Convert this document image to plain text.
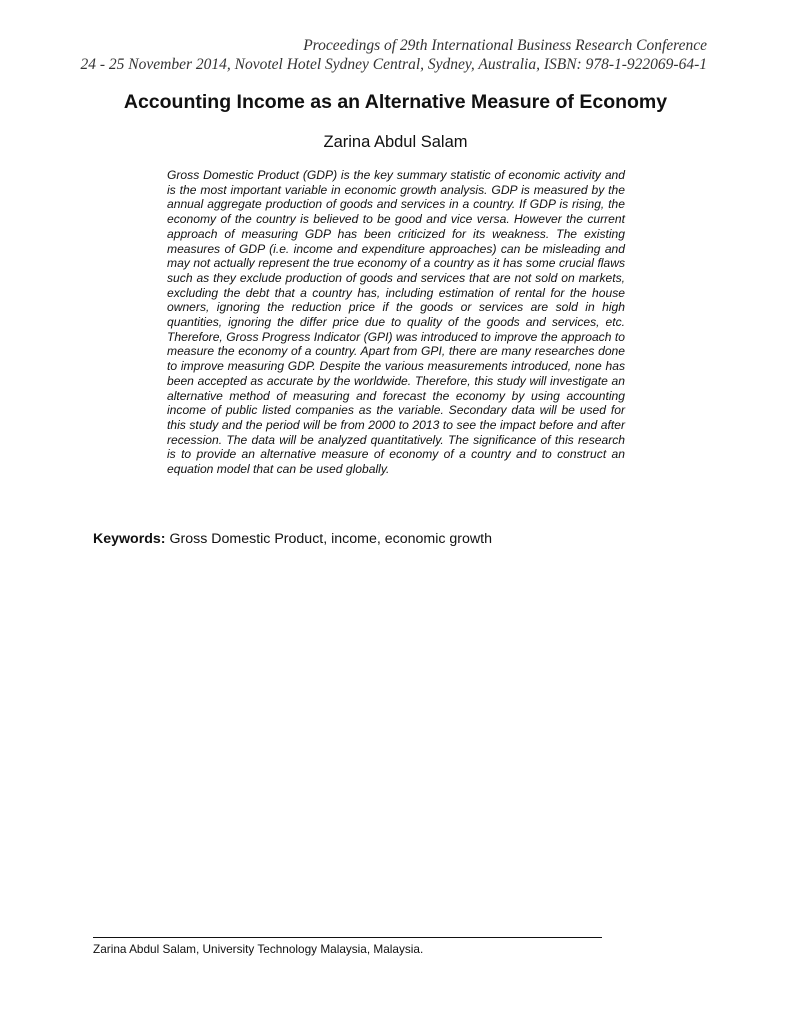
Proceedings of 29th International Business Research Conference
24 - 25 November 2014, Novotel Hotel Sydney Central, Sydney, Australia, ISBN: 978-1-922069-64-1
Accounting Income as an Alternative Measure of Economy
Zarina Abdul Salam
Gross Domestic Product (GDP) is the key summary statistic of economic activity and is the most important variable in economic growth analysis. GDP is measured by the annual aggregate production of goods and services in a country. If GDP is rising, the economy of the country is believed to be good and vice versa. However the current approach of measuring GDP has been criticized for its weakness. The existing measures of GDP (i.e. income and expenditure approaches) can be misleading and may not actually represent the true economy of a country as it has some crucial flaws such as they exclude production of goods and services that are not sold on markets, excluding the debt that a country has, including estimation of rental for the house owners, ignoring the reduction price if the goods or services are sold in high quantities, ignoring the differ price due to quality of the goods and services, etc. Therefore, Gross Progress Indicator (GPI) was introduced to improve the approach to measure the economy of a country. Apart from GPI, there are many researches done to improve measuring GDP. Despite the various measurements introduced, none has been accepted as accurate by the worldwide. Therefore, this study will investigate an alternative method of measuring and forecast the economy by using accounting income of public listed companies as the variable. Secondary data will be used for this study and the period will be from 2000 to 2013 to see the impact before and after recession. The data will be analyzed quantitatively. The significance of this research is to provide an alternative measure of economy of a country and to construct an equation model that can be used globally.
Keywords: Gross Domestic Product, income, economic growth
Zarina Abdul Salam, University Technology Malaysia, Malaysia.
